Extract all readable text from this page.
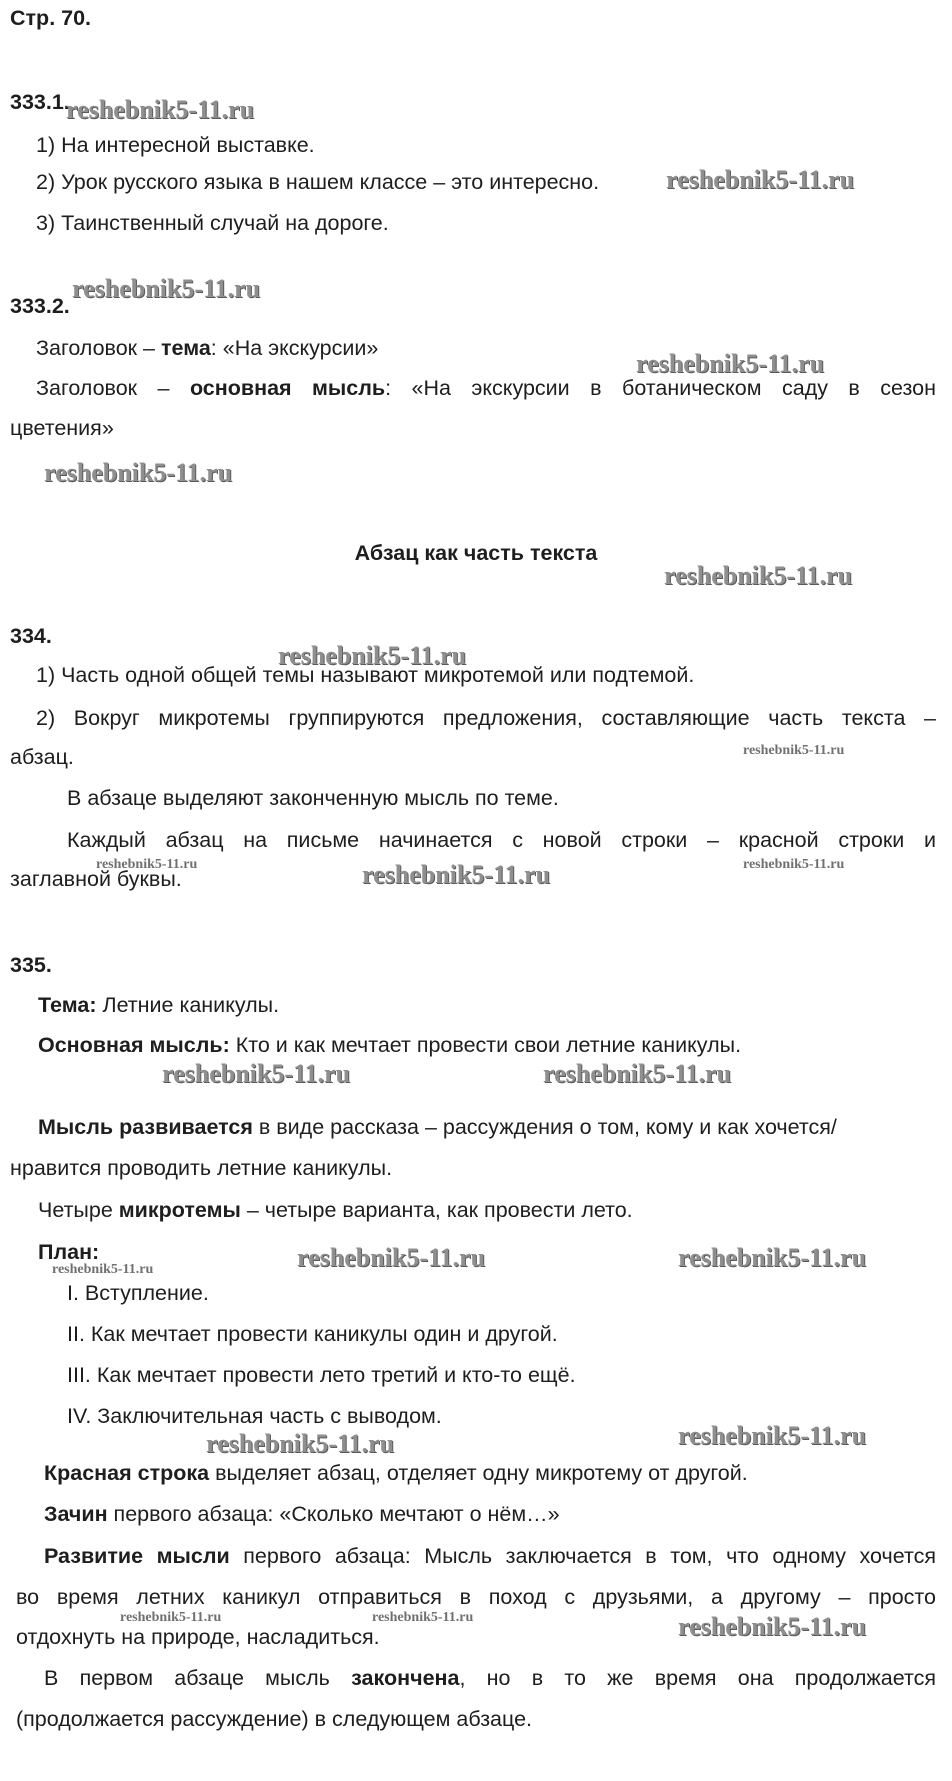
Стр. 70.
333.1.
1) На интересной выставке.
2) Урок русского языка в нашем классе – это интересно.
3) Таинственный случай на дороге.
333.2.
Заголовок – тема: «На экскурсии»
Заголовок – основная мысль: «На экскурсии в ботаническом саду в сезон
цветения»
Абзац как часть текста
334.
1) Часть одной общей темы называют микротемой или подтемой.
2) Вокруг микротемы группируются предложения, составляющие часть текста –
абзац.
В абзаце выделяют законченную мысль по теме.
Каждый абзац на письме начинается с новой строки – красной строки и
заглавной буквы.
335.
Тема: Летние каникулы.
Основная мысль: Кто и как мечтает провести свои летние каникулы.
Мысль развивается в виде рассказа – рассуждения о том, кому и как хочется/
нравится проводить летние каникулы.
Четыре микротемы – четыре варианта, как провести лето.
План:
I. Вступление.
II. Как мечтает провести каникулы один и другой.
III. Как мечтает провести лето третий и кто-то ещё.
IV. Заключительная часть с выводом.
Красная строка выделяет абзац, отделяет одну микротему от другой.
Зачин первого абзаца: «Сколько мечтают о нём…»
Развитие мысли первого абзаца: Мысль заключается в том, что одному хочется
во время летних каникул отправиться в поход с друзьями, а другому – просто
отдохнуть на природе, насладиться.
В первом абзаце мысль закончена, но в то же время она продолжается
(продолжается рассуждение) в следующем абзаце.
reshebnik5-11.ru
reshebnik5-11.ru
reshebnik5-11.ru
reshebnik5-11.ru
reshebnik5-11.ru
reshebnik5-11.ru
reshebnik5-11.ru
reshebnik5-11.ru
reshebnik5-11.ru	reshebnik5-11.ru	reshebnik5-11.ru
reshebnik5-11.ru	reshebnik5-11.ru
reshebnik5-11.ru	reshebnik5-11.ru	reshebnik5-11.ru
reshebnik5-11.ru
reshebnik5-11.ru
reshebnik5-11.ru	reshebnik5-11.ru	reshebnik5-11.ru
